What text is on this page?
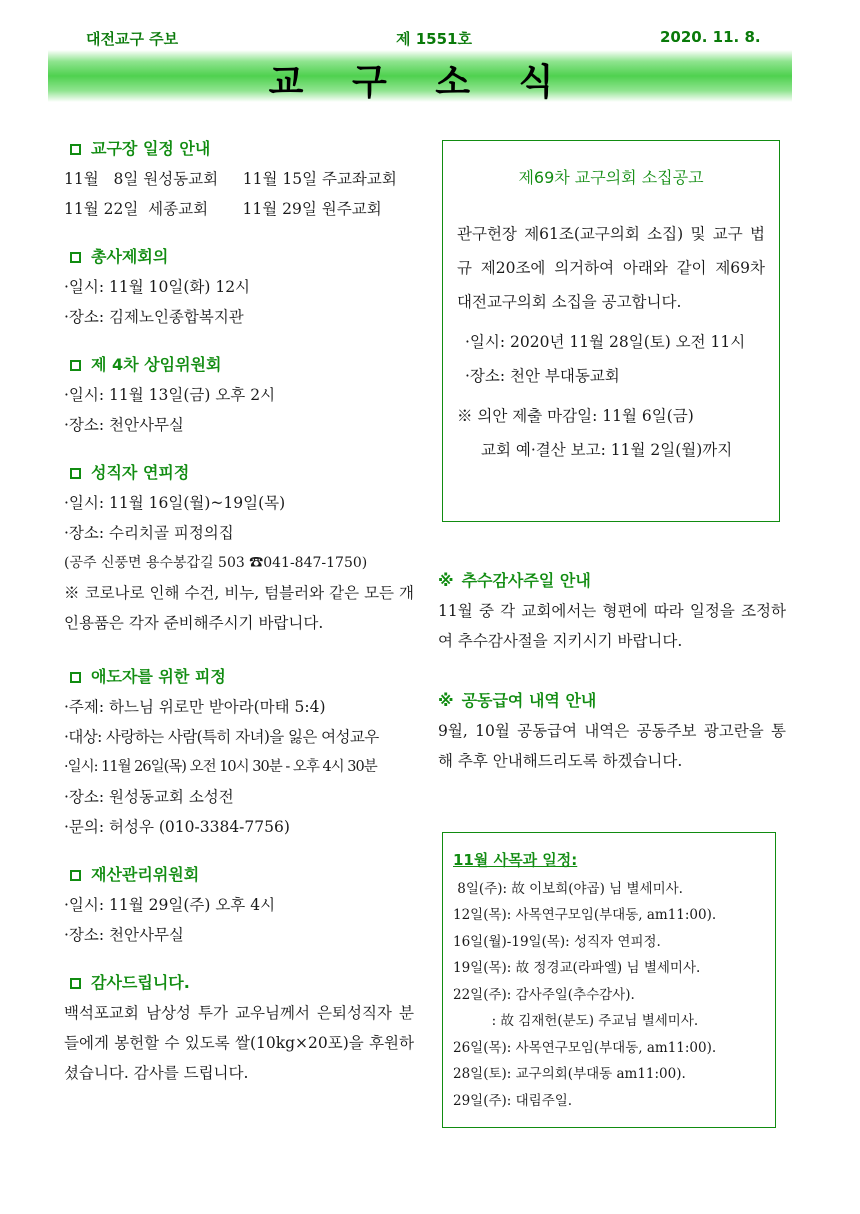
대전교구 주보	제 1551호	2020. 11. 8.
교 구 소 식
교구장 일정 안내
11월   8일 원성동교회     11월 15일 주교좌교회
11월 22일  세종교회       11월 29일 원주교회
총사제회의
·일시: 11월 10일(화) 12시
·장소: 김제노인종합복지관
제 4차 상임위원회
·일시: 11월 13일(금) 오후 2시
·장소: 천안사무실
성직자 연피정
·일시: 11월 16일(월)~19일(목)
·장소: 수리치골 피정의집
(공주 신풍면 용수봉갑길 503 ☎041-847-1750)
※ 코로나로 인해 수건, 비누, 텀블러와 같은 모든 개인용품은 각자 준비해주시기 바랍니다.
애도자를 위한 피정
·주제: 하느님 위로만 받아라(마태 5:4)
·대상: 사랑하는 사람(특히 자녀)을 잃은 여성교우
·일시: 11월 26일(목) 오전 10시 30분 - 오후 4시 30분
·장소: 원성동교회 소성전
·문의: 허성우 (010-3384-7756)
재산관리위원회
·일시: 11월 29일(주) 오후 4시
·장소: 천안사무실
감사드립니다.
백석포교회 남상성 투가 교우님께서 은퇴성직자 분들에게 봉헌할 수 있도록 쌀(10kg×20포)을 후원하셨습니다. 감사를 드립니다.
제69차 교구의회 소집공고
관구헌장 제61조(교구의회 소집) 및 교구 법규 제20조에 의거하여 아래와 같이 제69차 대전교구의회 소집을 공고합니다.
·일시: 2020년 11월 28일(토) 오전 11시
·장소: 천안 부대동교회
※ 의안 제출 마감일: 11월 6일(금)
교회 예·결산 보고: 11월 2일(월)까지
※ 추수감사주일 안내
11월 중 각 교회에서는 형편에 따라 일정을 조정하여 추수감사절을 지키시기 바랍니다.
※ 공동급여 내역 안내
9월, 10월 공동급여 내역은 공동주보 광고란을 통해 추후 안내해드리도록 하겠습니다.
11월 사목과 일정:
8일(주): 故 이보희(야곱) 님 별세미사.
12일(목): 사목연구모임(부대동, am11:00).
16일(월)-19일(목): 성직자 연피정.
19일(목): 故 정경교(라파엘) 님 별세미사.
22일(주): 감사주일(추수감사).
: 故 김재헌(분도) 주교님 별세미사.
26일(목): 사목연구모임(부대동, am11:00).
28일(토): 교구의회(부대동 am11:00).
29일(주): 대림주일.
